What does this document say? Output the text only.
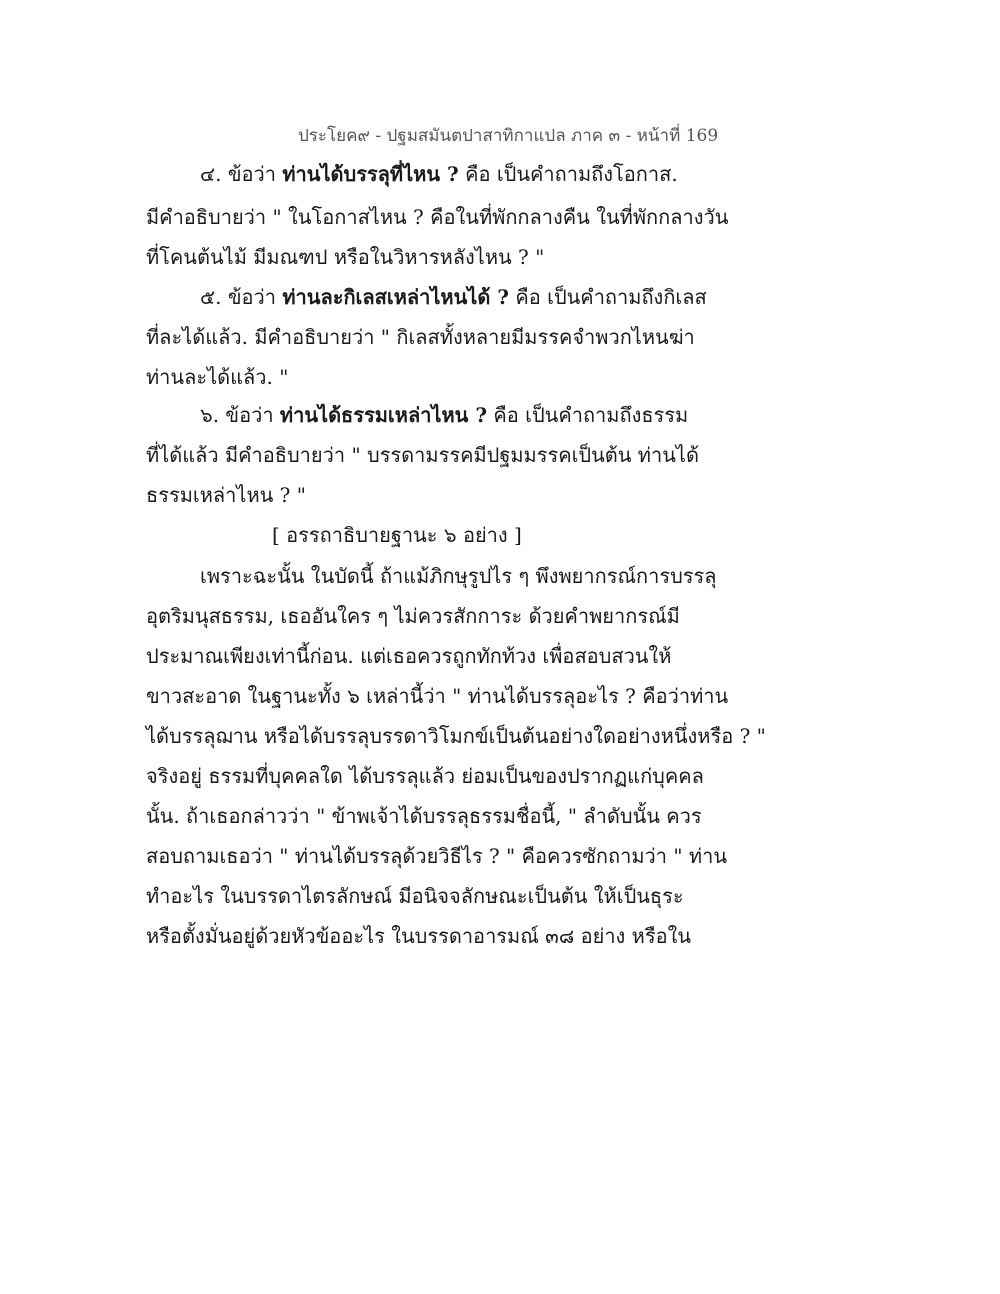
ประโยค๙ - ปฐมสมันตปาสาทิกาแปล ภาค ๓ - หน้าที่ 169
๔. ข้อว่า ท่านได้บรรลุที่ไหน ? คือ เป็นคำถามถึงโอกาส.
มีคำอธิบายว่า " ในโอกาสไหน ? คือในที่พักกลางคืน ในที่พักกลางวัน
ที่โคนต้นไม้ มีมณฑป หรือในวิหารหลังไหน ? "
๕. ข้อว่า ท่านละกิเลสเหล่าไหนได้ ? คือ เป็นคำถามถึงกิเลส
ที่ละได้แล้ว. มีคำอธิบายว่า " กิเลสทั้งหลายมีมรรคจำพวกไหนฆ่า
ท่านละได้แล้ว. "
๖. ข้อว่า ท่านได้ธรรมเหล่าไหน ? คือ เป็นคำถามถึงธรรม
ที่ได้แล้ว มีคำอธิบายว่า " บรรดามรรคมีปฐมมรรคเป็นต้น ท่านได้
ธรรมเหล่าไหน ? "
[ อรรถาธิบายฐานะ ๖ อย่าง ]
เพราะฉะนั้น ในบัดนี้ ถ้าแม้ภิกษุรูปไร ๆ พึงพยากรณ์การบรรลุ
อุตริมนุสธรรม, เธออันใคร ๆ ไม่ควรสักการะ ด้วยคำพยากรณ์มี
ประมาณเพียงเท่านี้ก่อน. แต่เธอควรถูกทักท้วง เพื่อสอบสวนให้
ขาวสะอาด ในฐานะทั้ง ๖ เหล่านี้ว่า " ท่านได้บรรลุอะไร ? คือว่าท่าน
ได้บรรลุฌาน หรือได้บรรลุบรรดาวิโมกข์เป็นต้นอย่างใดอย่างหนึ่งหรือ ? "
จริงอยู่ ธรรมที่บุคคลใด ได้บรรลุแล้ว ย่อมเป็นของปรากฏแก่บุคคล
นั้น. ถ้าเธอกล่าวว่า " ข้าพเจ้าได้บรรลุธรรมชื่อนี้, " ลำดับนั้น ควร
สอบถามเธอว่า " ท่านได้บรรลุด้วยวิธีไร ? " คือควรซักถามว่า " ท่าน
ทำอะไร ในบรรดาไตรลักษณ์ มีอนิจจลักษณะเป็นต้น ให้เป็นธุระ
หรือตั้งมั่นอยู่ด้วยหัวข้ออะไร ในบรรดาอารมณ์ ๓๘ อย่าง หรือใน
